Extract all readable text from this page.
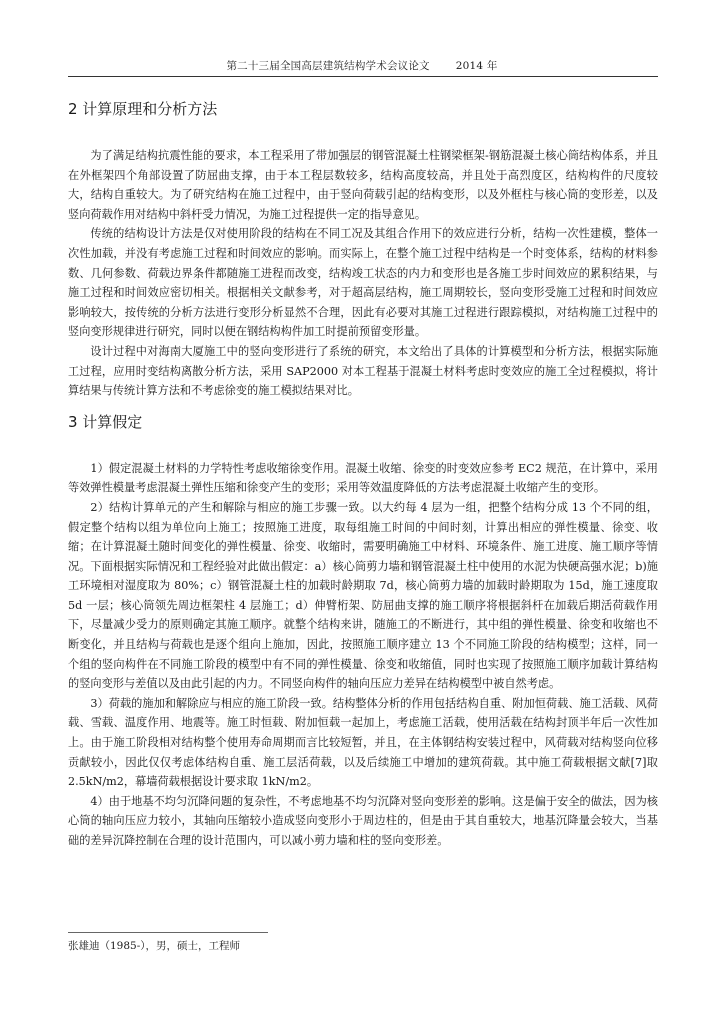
第二十三届全国高层建筑结构学术会议论文 2014 年
2 计算原理和分析方法

为了满足结构抗震性能的要求，本工程采用了带加强层的钢管混凝土柱钢梁框架-钢筋混凝土核心筒结构体系，并且在外框架四个角部设置了防屈曲支撑，由于本工程层数较多，结构高度较高，并且处于高烈度区，结构构件的尺度较大，结构自重较大。为了研究结构在施工过程中，由于竖向荷载引起的结构变形，以及外框柱与核心筒的变形差，以及竖向荷载作用对结构中斜杆受力情况，为施工过程提供一定的指导意见。

传统的结构设计方法是仅对使用阶段的结构在不同工况及其组合作用下的效应进行分析，结构一次性建模，整体一次性加载，并没有考虑施工过程和时间效应的影响。而实际上，在整个施工过程中结构是一个时变体系，结构的材料参数、几何参数、荷载边界条件都随施工进程而改变，结构竣工状态的内力和变形也是各施工步时间效应的累积结果，与施工过程和时间效应密切相关。根据相关文献参考，对于超高层结构，施工周期较长，竖向变形受施工过程和时间效应影响较大，按传统的分析方法进行变形分析显然不合理，因此有必要对其施工过程进行跟踪模拟，对结构施工过程中的竖向变形规律进行研究，同时以便在钢结构构件加工时提前预留变形量。

设计过程中对海南大厦施工中的竖向变形进行了系统的研究，本文给出了具体的计算模型和分析方法，根据实际施工过程，应用时变结构离散分析方法，采用 SAP2000 对本工程基于混凝土材料考虑时变效应的施工全过程模拟，将计算结果与传统计算方法和不考虑徐变的施工模拟结果对比。

3 计算假定

1）假定混凝土材料的力学特性考虑收缩徐变作用。混凝土收缩、徐变的时变效应参考 EC2 规范，在计算中，采用等效弹性模量考虑混凝土弹性压缩和徐变产生的变形；采用等效温度降低的方法考虑混凝土收缩产生的变形。

2）结构计算单元的产生和解除与相应的施工步骤一致。以大约每 4 层为一组，把整个结构分成 13 个不同的组，假定整个结构以组为单位向上施工；按照施工进度，取每组施工时间的中间时刻，计算出相应的弹性模量、徐变、收缩；在计算混凝土随时间变化的弹性模量、徐变、收缩时，需要明确施工中材料、环境条件、施工进度、施工顺序等情况。下面根据实际情况和工程经验对此做出假定：a）核心筒剪力墙和钢管混凝土柱中使用的水泥为快硬高强水泥；b)施工环境相对湿度取为 80%；c）钢管混凝土柱的加载时龄期取 7d，核心筒剪力墙的加载时龄期取为 15d，施工速度取 5d 一层；核心筒领先周边框架柱 4 层施工；d）伸臂桁架、防屈曲支撑的施工顺序将根据斜杆在加载后期活荷载作用下，尽量减少受力的原则确定其施工顺序。就整个结构来讲，随施工的不断进行，其中组的弹性模量、徐变和收缩也不断变化，并且结构与荷载也是逐个组向上施加，因此，按照施工顺序建立 13 个不同施工阶段的结构模型；这样，同一个组的竖向构件在不同施工阶段的模型中有不同的弹性模量、徐变和收缩值，同时也实现了按照施工顺序加载计算结构的竖向变形与差值以及由此引起的内力。不同竖向构件的轴向压应力差异在结构模型中被自然考虑。

3）荷载的施加和解除应与相应的施工阶段一致。结构整体分析的作用包括结构自重、附加恒荷载、施工活载、风荷载、雪载、温度作用、地震等。施工时恒载、附加恒载一起加上，考虑施工活载，使用活载在结构封顶半年后一次性加上。由于施工阶段相对结构整个使用寿命周期而言比较短暂，并且，在主体钢结构安装过程中，风荷载对结构竖向位移贡献较小，因此仅仅考虑体结构自重、施工层活荷载，以及后续施工中增加的建筑荷载。其中施工荷载根据文献[7]取 2.5kN/m2，幕墙荷载根据设计要求取 1kN/m2。

4）由于地基不均匀沉降问题的复杂性，不考虑地基不均匀沉降对竖向变形差的影响。这是偏于安全的做法，因为核心筒的轴向压应力较小，其轴向压缩较小造成竖向变形小于周边柱的，但是由于其自重较大，地基沉降量会较大，当基础的差异沉降控制在合理的设计范围内，可以减小剪力墙和柱的竖向变形差。

张雄迪（1985-），男，硕士，工程师
